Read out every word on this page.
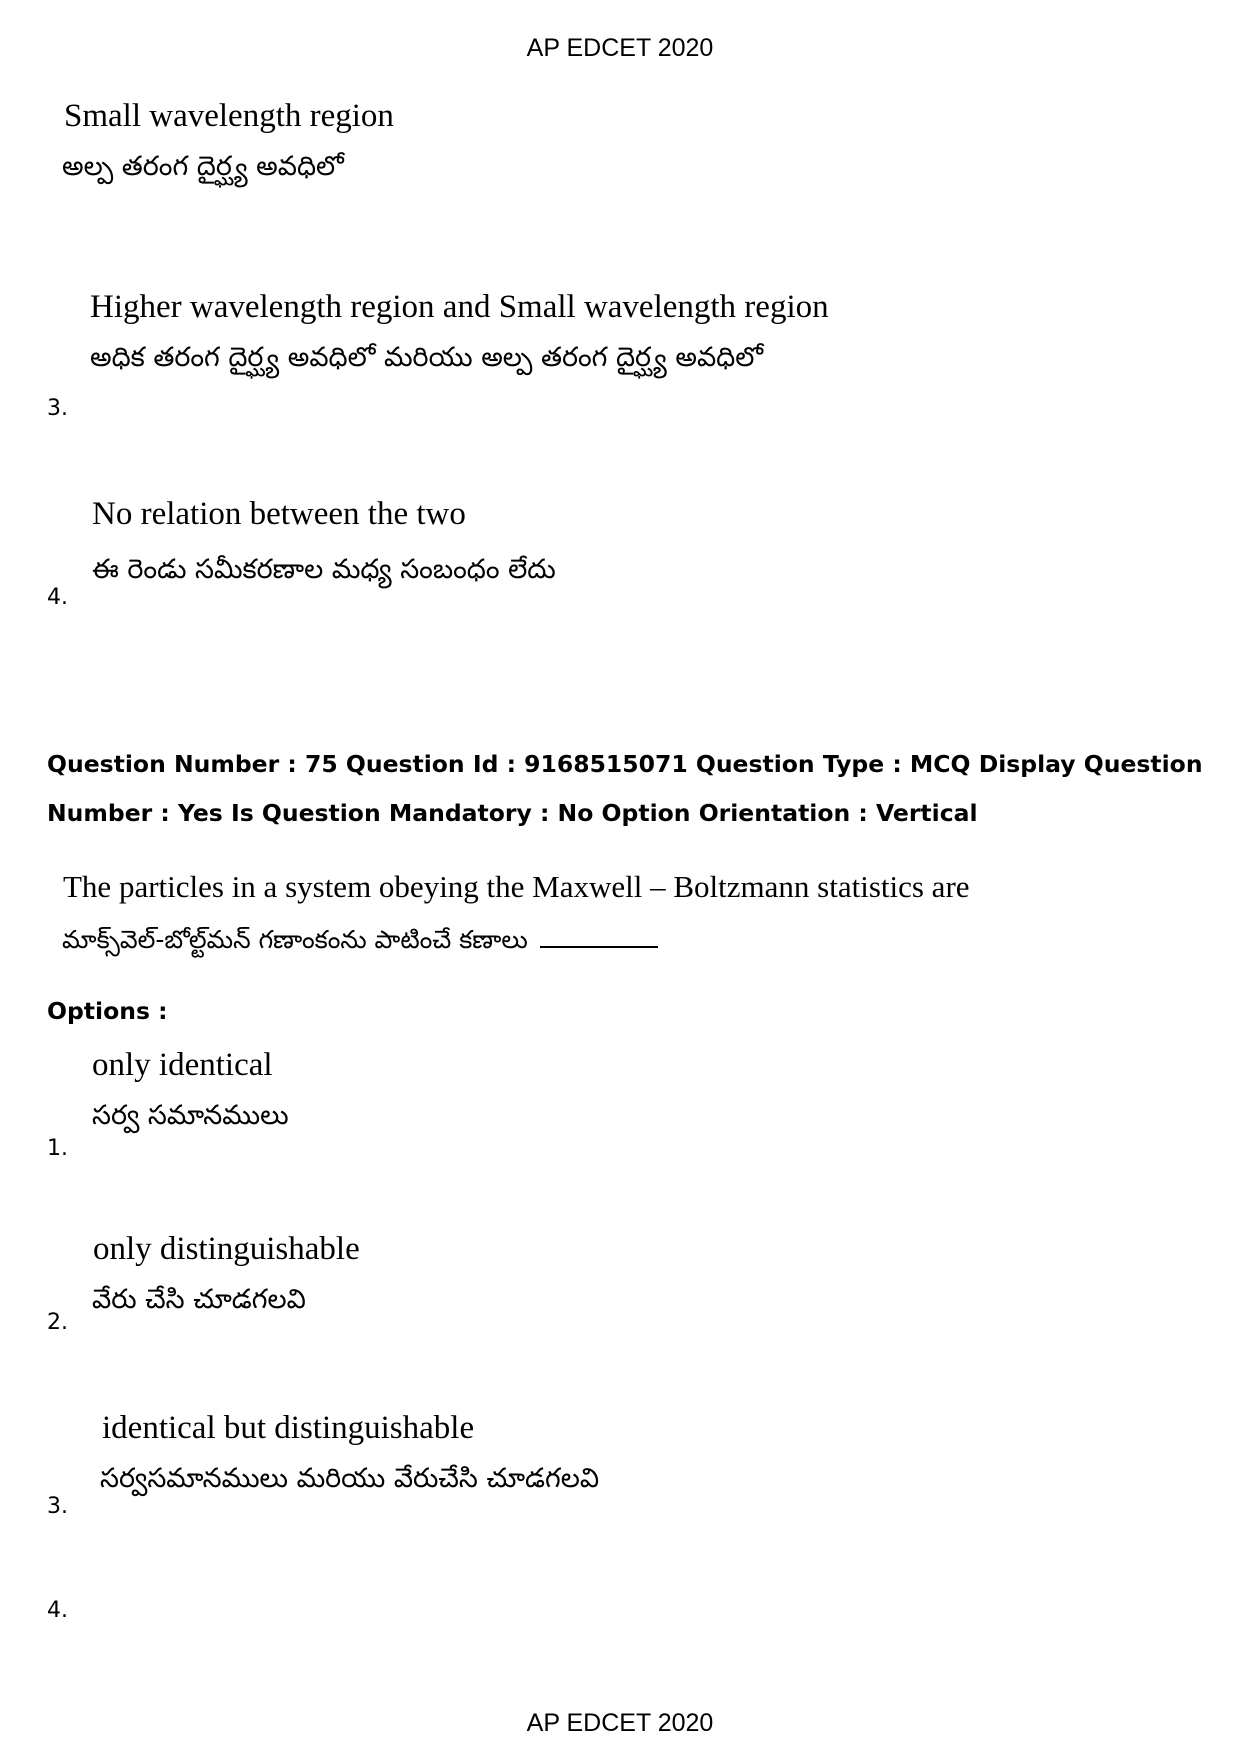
AP EDCET 2020
Small wavelength region
అల్ప తరంగ దైర్ఘ్య అవధిలో
Higher wavelength region and Small wavelength region
అధిక తరంగ దైర్ఘ్య అవధిలో మరియు అల్ప తరంగ దైర్ఘ్య అవధిలో
3.
No relation between the two
ఈ రెండు సమీకరణాల మధ్య సంబంధం లేదు
4.
Question Number : 75 Question Id : 9168515071 Question Type : MCQ Display Question
Number : Yes Is Question Mandatory : No Option Orientation : Vertical
The particles in a system obeying the Maxwell – Boltzmann statistics are
మాక్స్‌వెల్-బోల్ట్‌మన్ గణాంకంను పాటించే కణాలు
Options :
only identical
సర్వ సమానములు
1.
only distinguishable
వేరు చేసి చూడగలవి
2.
identical but distinguishable
సర్వసమానములు మరియు వేరుచేసి చూడగలవి
3.
4.
AP EDCET 2020
